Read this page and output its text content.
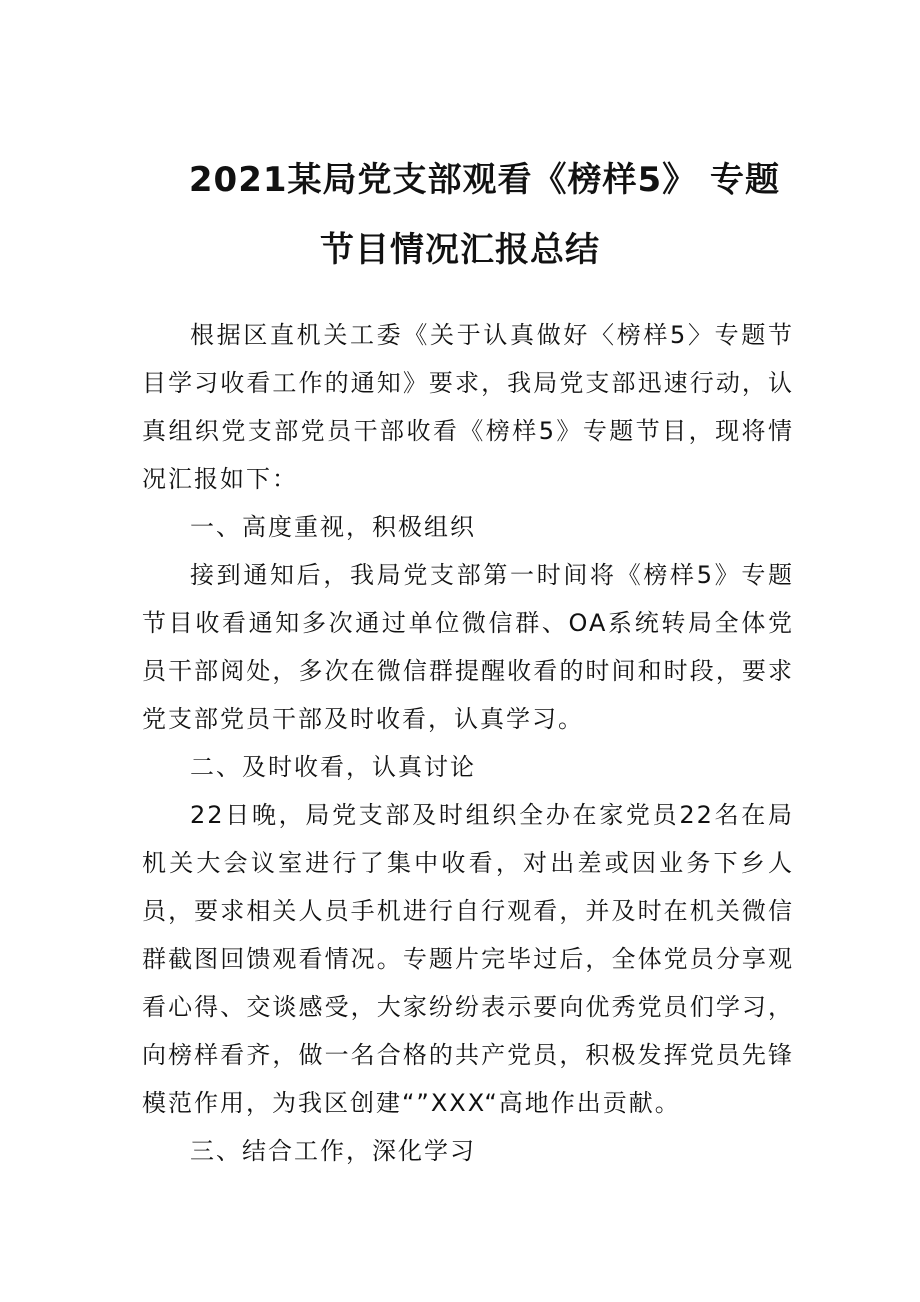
2021某局党支部观看《榜样5》 专题
节目情况汇报总结

根据区直机关工委《关于认真做好〈榜样5〉专题节目学习收看工作的通知》要求，我局党支部迅速行动，认真组织党支部党员干部收看《榜样5》专题节目，现将情况汇报如下：

一、高度重视，积极组织

接到通知后，我局党支部第一时间将《榜样5》专题节目收看通知多次通过单位微信群、OA系统转局全体党员干部阅处，多次在微信群提醒收看的时间和时段，要求党支部党员干部及时收看，认真学习。

二、及时收看，认真讨论

22日晚，局党支部及时组织全办在家党员22名在局机关大会议室进行了集中收看，对出差或因业务下乡人员，要求相关人员手机进行自行观看，并及时在机关微信群截图回馈观看情况。专题片完毕过后，全体党员分享观看心得、交谈感受，大家纷纷表示要向优秀党员们学习，向榜样看齐，做一名合格的共产党员，积极发挥党员先锋模范作用，为我区创建“”XXX“高地作出贡献。

三、结合工作，深化学习
